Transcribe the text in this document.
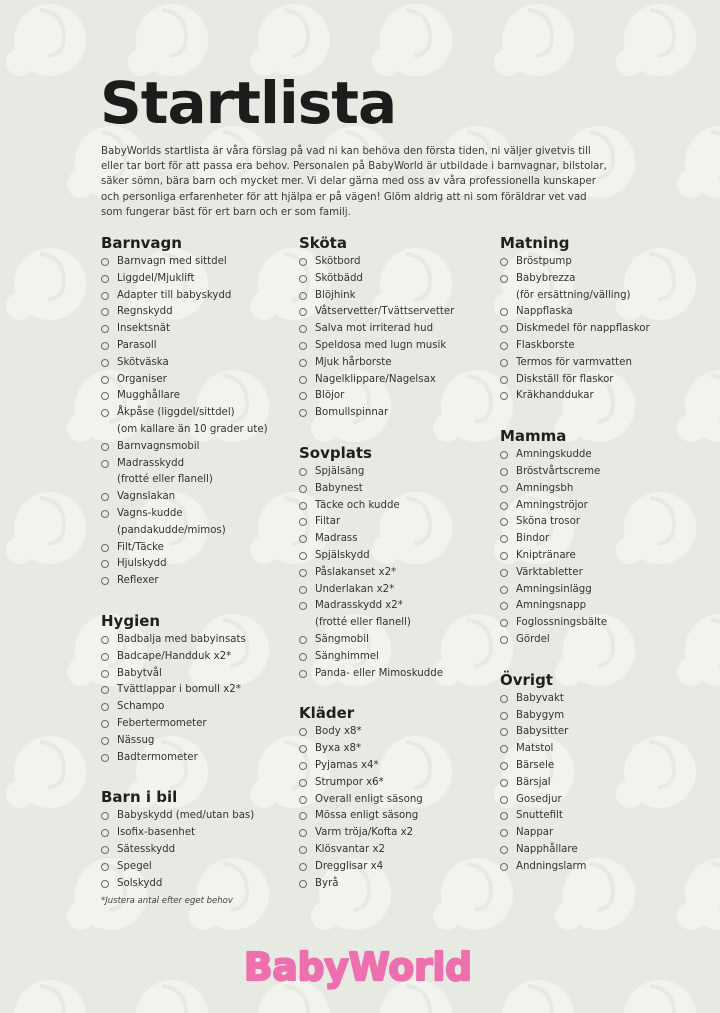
Startlista

BabyWorlds startlista är våra förslag på vad ni kan behöva den första tiden, ni väljer givetvis till eller tar bort för att passa era behov. Personalen på BabyWorld är utbildade i barnvagnar, bilstolar, säker sömn, bära barn och mycket mer. Vi delar gärna med oss av våra professionella kunskaper och personliga erfarenheter för att hjälpa er på vägen! Glöm aldrig att ni som föräldrar vet vad som fungerar bäst för ert barn och er som familj.

Barnvagn
Barnvagn med sittdel
Liggdel/Mjuklift
Adapter till babyskydd
Regnskydd
Insektsnät
Parasoll
Skötväska
Organiser
Mugghållare
Åkpåse (liggdel/sittdel)
(om kallare än 10 grader ute)
Barnvagnsmobil
Madrasskydd
(frotté eller flanell)
Vagnslakan
Vagns-kudde
(pandakudde/mimos)
Filt/Täcke
Hjulskydd
Reflexer
Hygien
Badbalja med babyinsats
Badcape/Handduk x2*
Babytvål
Tvättlappar i bomull x2*
Schampo
Febertermometer
Nässug
Badtermometer
Barn i bil
Babyskydd (med/utan bas)
Isofix-basenhet
Sätesskydd
Spegel
Solskydd
Sköta
Skötbord
Skötbädd
Blöjhink
Våtservetter/Tvättservetter
Salva mot irriterad hud
Speldosa med lugn musik
Mjuk hårborste
Nagelklippare/Nagelsax
Blöjor
Bomullspinnar
Sovplats
Spjälsäng
Babynest
Täcke och kudde
Filtar
Madrass
Spjälskydd
Påslakanset x2*
Underlakan x2*
Madrasskydd x2*
(frotté eller flanell)
Sängmobil
Sänghimmel
Panda- eller Mimoskudde
Kläder
Body x8*
Byxa x8*
Pyjamas x4*
Strumpor x6*
Overall enligt säsong
Mössa enligt säsong
Varm tröja/Kofta x2
Klösvantar x2
Dregglisar x4
Byrå
Matning
Bröstpump
Babybrezza
(för ersättning/välling)
Nappflaska
Diskmedel för nappflaskor
Flaskborste
Termos för varmvatten
Diskställ för flaskor
Kräkhanddukar
Mamma
Amningskudde
Bröstvårtscreme
Amningsbh
Amningströjor
Sköna trosor
Bindor
Kniptränare
Värktabletter
Amningsinlägg
Amningsnapp
Foglossningsbälte
Gördel
Övrigt
Babyvakt
Babygym
Babysitter
Matstol
Bärsele
Bärsjal
Gosedjur
Snuttefilt
Nappar
Napphållare
Andningslarm
*Justera antal efter eget behov
BabyWorld
